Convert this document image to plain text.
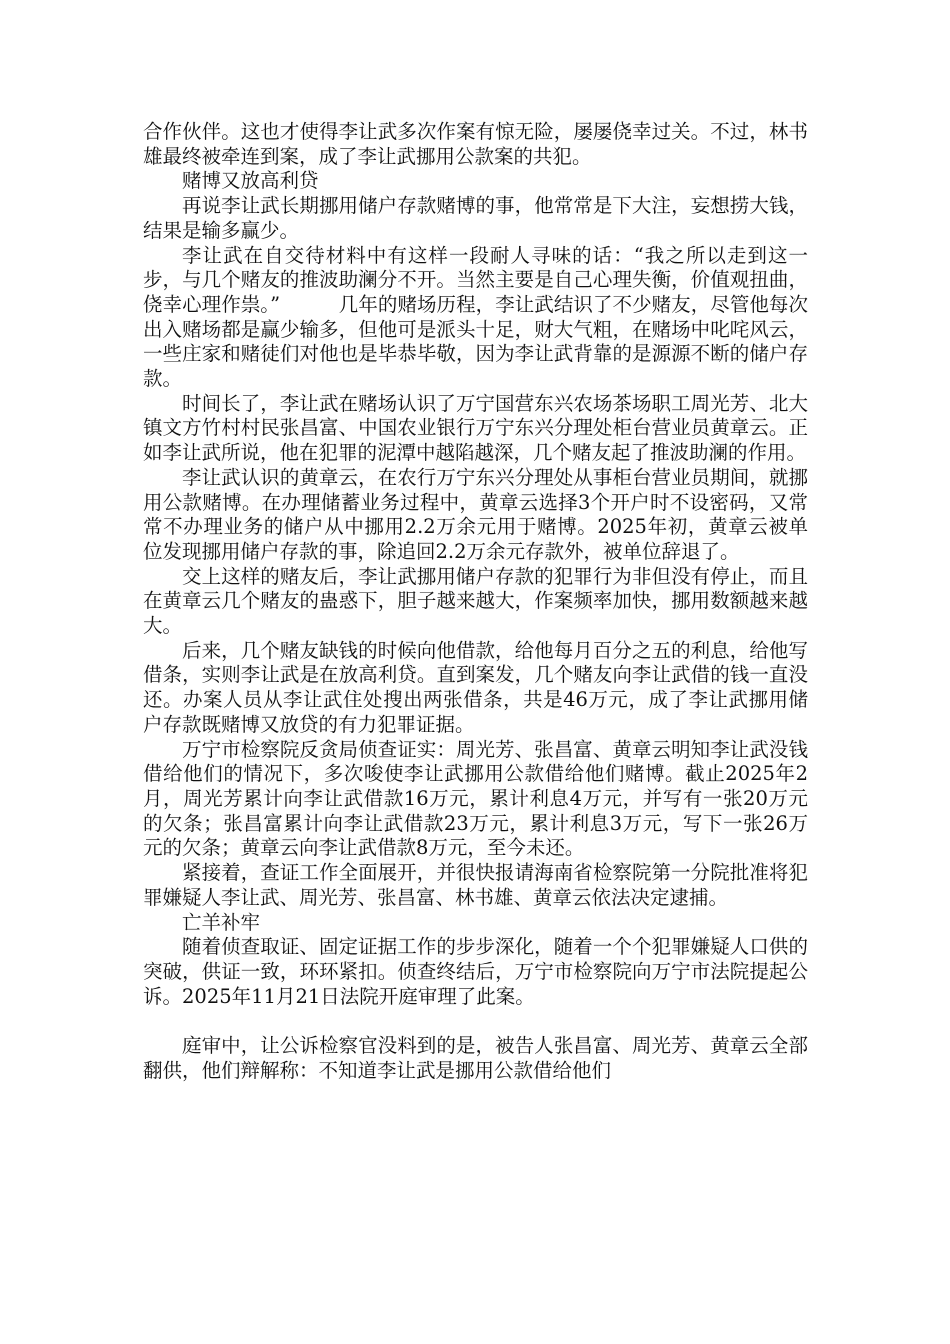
合作伙伴。这也才使得李让武多次作案有惊无险，屡屡侥幸过关。不过，林书雄最终被牵连到案，成了李让武挪用公款案的共犯。

赌博又放高利贷

再说李让武长期挪用储户存款赌博的事，他常常是下大注，妄想捞大钱，结果是输多赢少。

李让武在自交待材料中有这样一段耐人寻味的话：“我之所以走到这一步，与几个赌友的推波助澜分不开。当然主要是自己心理失衡，价值观扭曲，侥幸心理作祟。”　　　几年的赌场历程，李让武结识了不少赌友，尽管他每次出入赌场都是赢少输多，但他可是派头十足，财大气粗，在赌场中叱咤风云，一些庄家和赌徒们对他也是毕恭毕敬，因为李让武背靠的是源源不断的储户存款。

时间长了，李让武在赌场认识了万宁国营东兴农场茶场职工周光芳、北大镇文方竹村村民张昌富、中国农业银行万宁东兴分理处柜台营业员黄章云。正如李让武所说，他在犯罪的泥潭中越陷越深，几个赌友起了推波助澜的作用。

李让武认识的黄章云，在农行万宁东兴分理处从事柜台营业员期间，就挪用公款赌博。在办理储蓄业务过程中，黄章云选择3个开户时不设密码，又常常不办理业务的储户从中挪用2.2万余元用于赌博。2025年初，黄章云被单位发现挪用储户存款的事，除追回2.2万余元存款外，被单位辞退了。

交上这样的赌友后，李让武挪用储户存款的犯罪行为非但没有停止，而且在黄章云几个赌友的蛊惑下，胆子越来越大，作案频率加快，挪用数额越来越大。

后来，几个赌友缺钱的时候向他借款，给他每月百分之五的利息，给他写借条，实则李让武是在放高利贷。直到案发，几个赌友向李让武借的钱一直没还。办案人员从李让武住处搜出两张借条，共是46万元，成了李让武挪用储户存款既赌博又放贷的有力犯罪证据。

万宁市检察院反贪局侦查证实：周光芳、张昌富、黄章云明知李让武没钱借给他们的情况下，多次唆使李让武挪用公款借给他们赌博。截止2025年2月，周光芳累计向李让武借款16万元，累计利息4万元，并写有一张20万元的欠条；张昌富累计向李让武借款23万元，累计利息3万元，写下一张26万元的欠条；黄章云向李让武借款8万元，至今未还。

紧接着，查证工作全面展开，并很快报请海南省检察院第一分院批准将犯罪嫌疑人李让武、周光芳、张昌富、林书雄、黄章云依法决定逮捕。

亡羊补牢

随着侦查取证、固定证据工作的步步深化，随着一个个犯罪嫌疑人口供的突破，供证一致，环环紧扣。侦查终结后，万宁市检察院向万宁市法院提起公诉。2025年11月21日法院开庭审理了此案。

庭审中，让公诉检察官没料到的是，被告人张昌富、周光芳、黄章云全部翻供，他们辩解称：不知道李让武是挪用公款借给他们
